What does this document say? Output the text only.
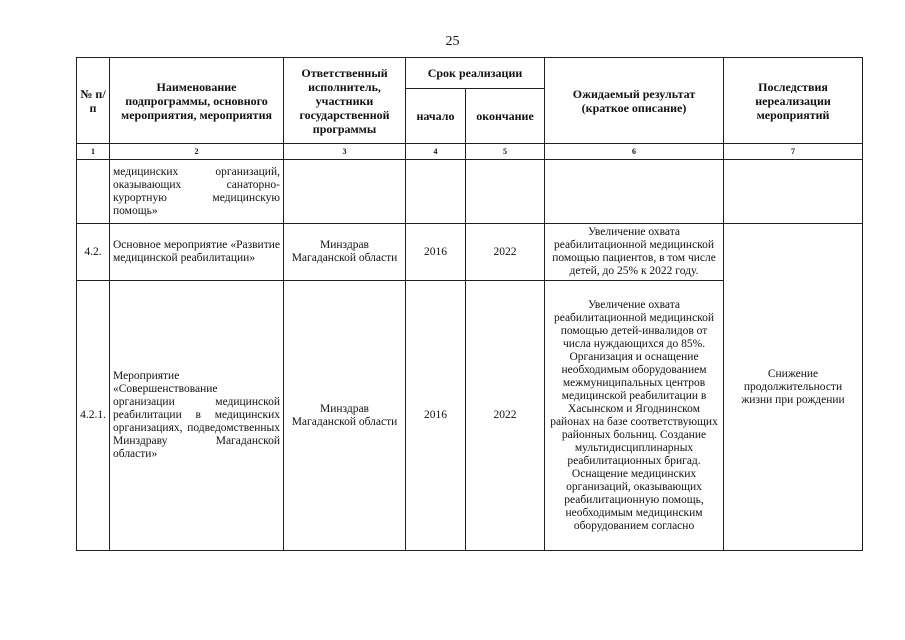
25
№ п/п	Наименование подпрограммы, основного мероприятия, мероприятия	Ответственный исполнитель, участники государственной программы	Срок реализации		Ожидаемый результат (краткое описание)	Последствия нереализации мероприятий
			начало	окончание		
1	2	3	4	5	6	7
	медицинских организаций, оказывающих санаторно-курортную медицинскую помощь»					
4.2.	Основное мероприятие «Развитие медицинской реабилитации»	Минздрав Магаданской области	2016	2022	Увеличение охвата реабилитационной медицинской помощью пациентов, в том числе детей, до 25% к 2022 году.	Снижение продолжительности жизни при рождении
4.2.1.	Мероприятие «Совершенствование организации медицинской реабилитации в медицинских организациях, подведомственных Минздраву Магаданской области»	Минздрав Магаданской области	2016	2022	Увеличение охвата реабилитационной медицинской помощью детей-инвалидов от числа нуждающихся до 85%. Организация и оснащение необходимым оборудованием межмуниципальных центров медицинской реабилитации в Хасынском и Ягоднинском районах на базе соответствующих районных больниц. Создание мультидисциплинарных реабилитационных бригад. Оснащение медицинских организаций, оказывающих реабилитационную помощь, необходимым медицинским оборудованием согласно	
